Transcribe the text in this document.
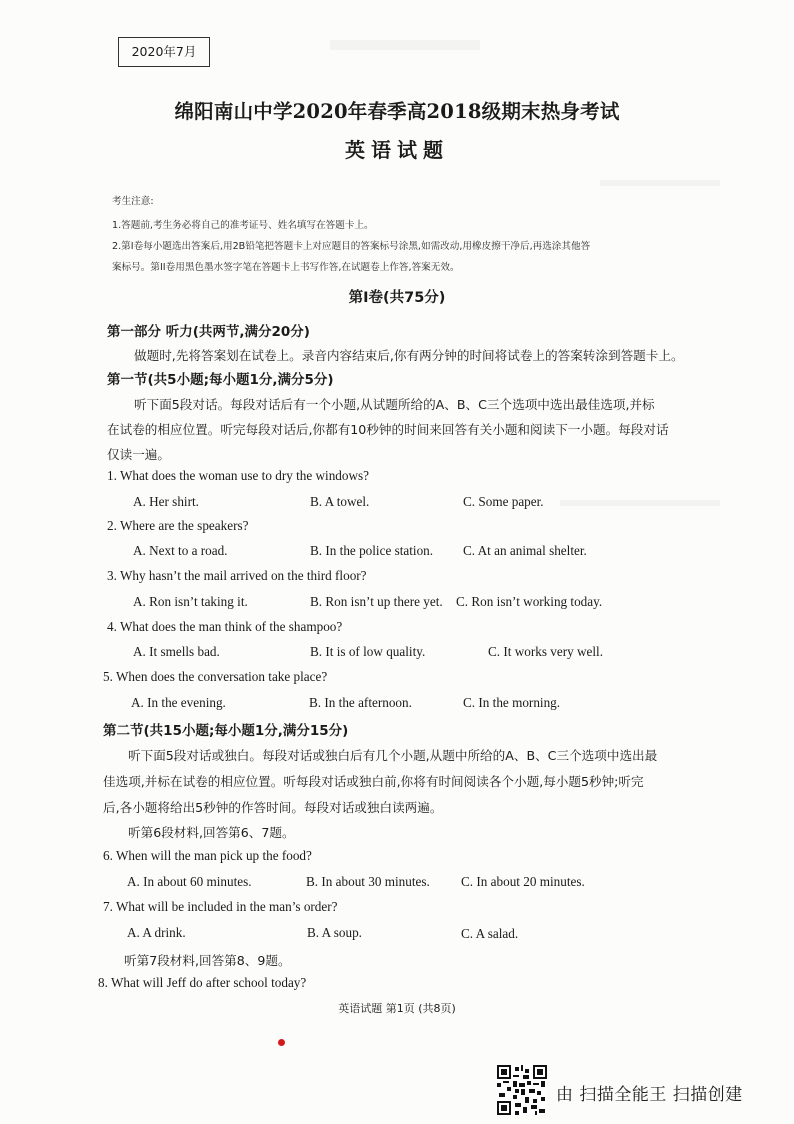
2020年7月
绵阳南山中学2020年春季高2018级期末热身考试
英语试题
考生注意:
1.答题前,考生务必将自己的准考证号、姓名填写在答题卡上。
2.第I卷每小题选出答案后,用2B铅笔把答题卡上对应题目的答案标号涂黑,如需改动,用橡皮擦干净后,再选涂其他答
案标号。第II卷用黑色墨水签字笔在答题卡上书写作答,在试题卷上作答,答案无效。
第I卷(共75分)
第一部分 听力(共两节,满分20分)
做题时,先将答案划在试卷上。录音内容结束后,你有两分钟的时间将试卷上的答案转涂到答题卡上。
第一节(共5小题;每小题1分,满分5分)
听下面5段对话。每段对话后有一个小题,从试题所给的A、B、C三个选项中选出最佳选项,并标
在试卷的相应位置。听完每段对话后,你都有10秒钟的时间来回答有关小题和阅读下一小题。每段对话
仅读一遍。
1. What does the woman use to dry the windows?
A. Her shirt.	B. A towel.	C. Some paper.
2. Where are the speakers?
A. Next to a road.	B. In the police station. C. At an animal shelter.
3. Why hasn’t the mail arrived on the third floor?
A. Ron isn’t taking it.	B. Ron isn’t up there yet. C. Ron isn’t working today.
4. What does the man think of the shampoo?
A. It smells bad.	B. It is of low quality.	C. It works very well.
5. When does the conversation take place?
A. In the evening.	B. In the afternoon.	C. In the morning.
第二节(共15小题;每小题1分,满分15分)
听下面5段对话或独白。每段对话或独白后有几个小题,从题中所给的A、B、C三个选项中选出最
佳选项,并标在试卷的相应位置。听每段对话或独白前,你将有时间阅读各个小题,每小题5秒钟;听完
后,各小题将给出5秒钟的作答时间。每段对话或独白读两遍。
听第6段材料,回答第6、7题。
6. When will the man pick up the food?
A. In about 60 minutes.	B. In about 30 minutes. C. In about 20 minutes.
7. What will be included in the man’s order?
A. A drink.	B. A soup.	C. A salad.
听第7段材料,回答第8、9题。
8. What will Jeff do after school today?
英语试题 第1页 (共8页)
由 扫描全能王 扫描创建
